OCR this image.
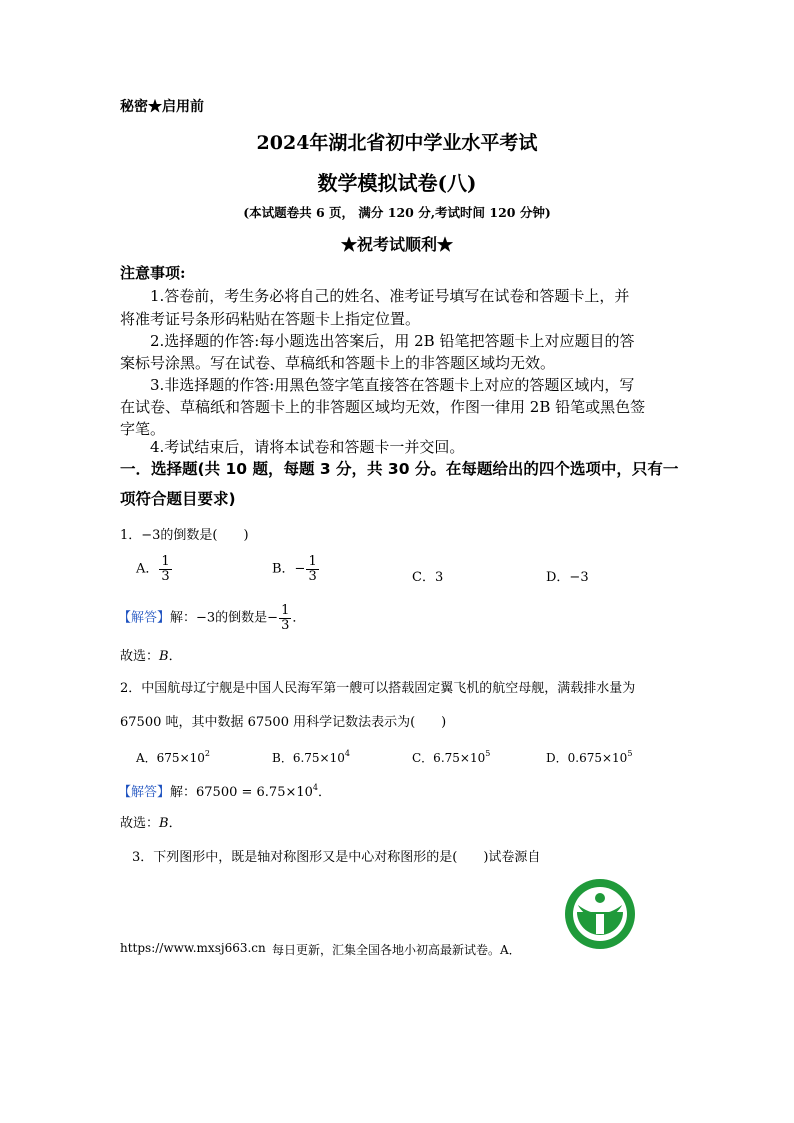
秘密★启用前
2024年湖北省初中学业水平考试
数学模拟试卷(八)
(本试题卷共 6 页， 满分 120 分,考试时间 120 分钟)
★祝考试顺利★
注意事项:
1.答卷前，考生务必将自己的姓名、准考证号填写在试卷和答题卡上，并
将准考证号条形码粘贴在答题卡上指定位置。
2.选择题的作答:每小题选出答案后，用 2B 铅笔把答题卡上对应题目的答
案标号涂黑。写在试卷、草稿纸和答题卡上的非答题区域均无效。
3.非选择题的作答:用黑色签字笔直接答在答题卡上对应的答题区域内，写
在试卷、草稿纸和答题卡上的非答题区域均无效，作图一律用 2B 铅笔或黑色签
字笔。
4.考试结束后，请将本试卷和答题卡一并交回。
一．选择题(共 10 题，每题 3 分，共 30 分。在每题给出的四个选项中，只有一
项符合题目要求)
1．−3的倒数是(　　)
A． $\frac{1}{3}$	B．− $\frac{1}{3}$	C．3	D．−3
【解答】解：−3的倒数是− $\frac{1}{3}$ ．
故选：B．
2．中国航母辽宁舰是中国人民海军第一艘可以搭载固定翼飞机的航空母舰，满载排水量为
67500 吨，其中数据 67500 用科学记数法表示为(　　)
A．$675\times 10^2$	B．$6.75\times 10^4$	C．$6.75\times 10^5$	D．$0.675\times 10^5$
【解答】解：$67500 = 6.75\times 10^4$．
故选：B．
3．下列图形中，既是轴对称图形又是中心对称图形的是(　　)试卷源自
https://www.mxsj663.cn 每日更新，汇集全国各地小初高最新试卷。A．
